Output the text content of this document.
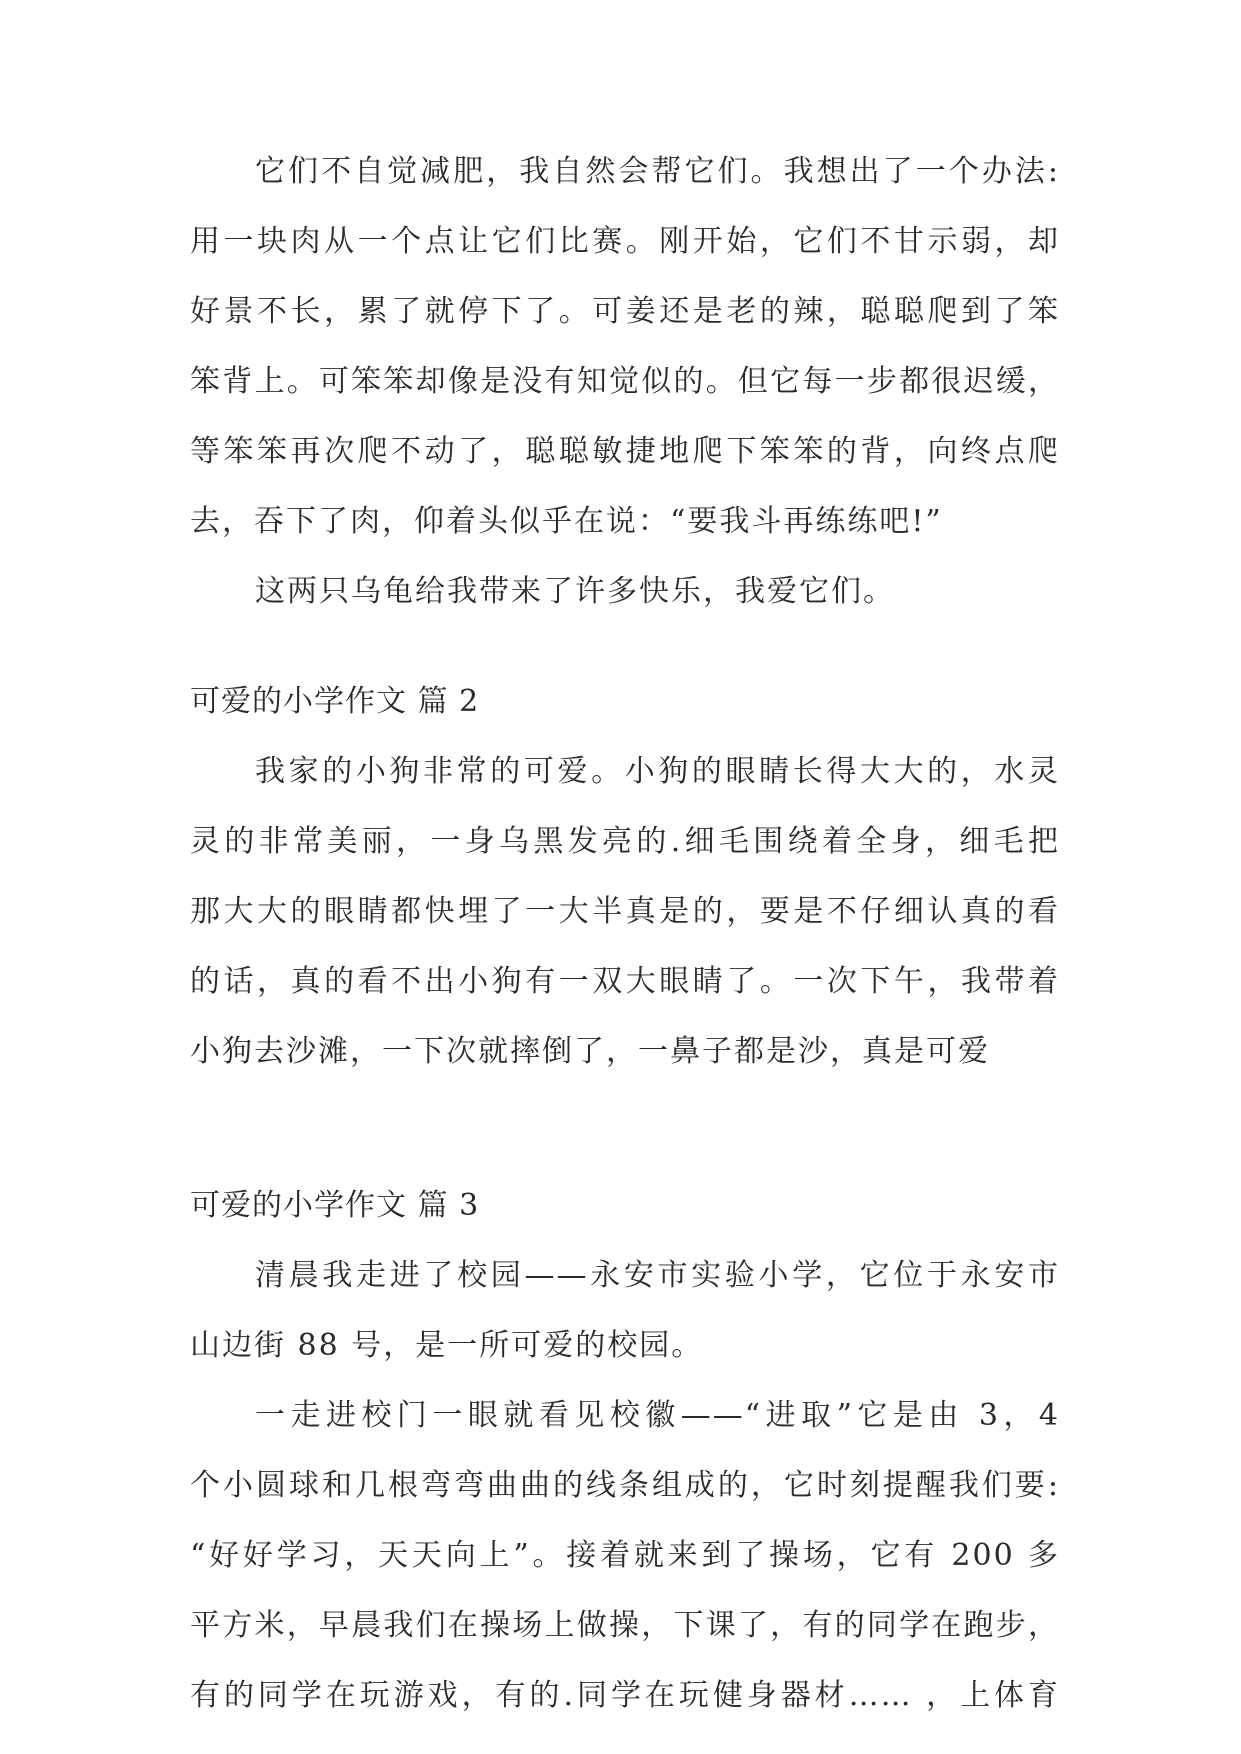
它们不自觉减肥，我自然会帮它们。我想出了一个办法:
用一块肉从一个点让它们比赛。刚开始，它们不甘示弱，却
好景不长，累了就停下了。可姜还是老的辣，聪聪爬到了笨
笨背上。可笨笨却像是没有知觉似的。但它每一步都很迟缓，
等笨笨再次爬不动了，聪聪敏捷地爬下笨笨的背，向终点爬
去，吞下了肉，仰着头似乎在说：“要我斗再练练吧!”
这两只乌龟给我带来了许多快乐，我爱它们。
可爱的小学作文 篇 2
我家的小狗非常的可爱。小狗的眼睛长得大大的，水灵
灵的非常美丽，一身乌黑发亮的.细毛围绕着全身，细毛把
那大大的眼睛都快埋了一大半真是的，要是不仔细认真的看
的话，真的看不出小狗有一双大眼睛了。一次下午，我带着
小狗去沙滩，一下次就摔倒了，一鼻子都是沙，真是可爱
可爱的小学作文 篇 3
清晨我走进了校园——永安市实验小学，它位于永安市
山边街 88 号，是一所可爱的校园。
一走进校门一眼就看见校徽——“进取”它是由 3，4
个小圆球和几根弯弯曲曲的线条组成的，它时刻提醒我们要:
“好好学习，天天向上”。接着就来到了操场，它有 200 多
平方米，早晨我们在操场上做操，下课了，有的同学在跑步，
有的同学在玩游戏，有的.同学在玩健身器材…… ，上体育
